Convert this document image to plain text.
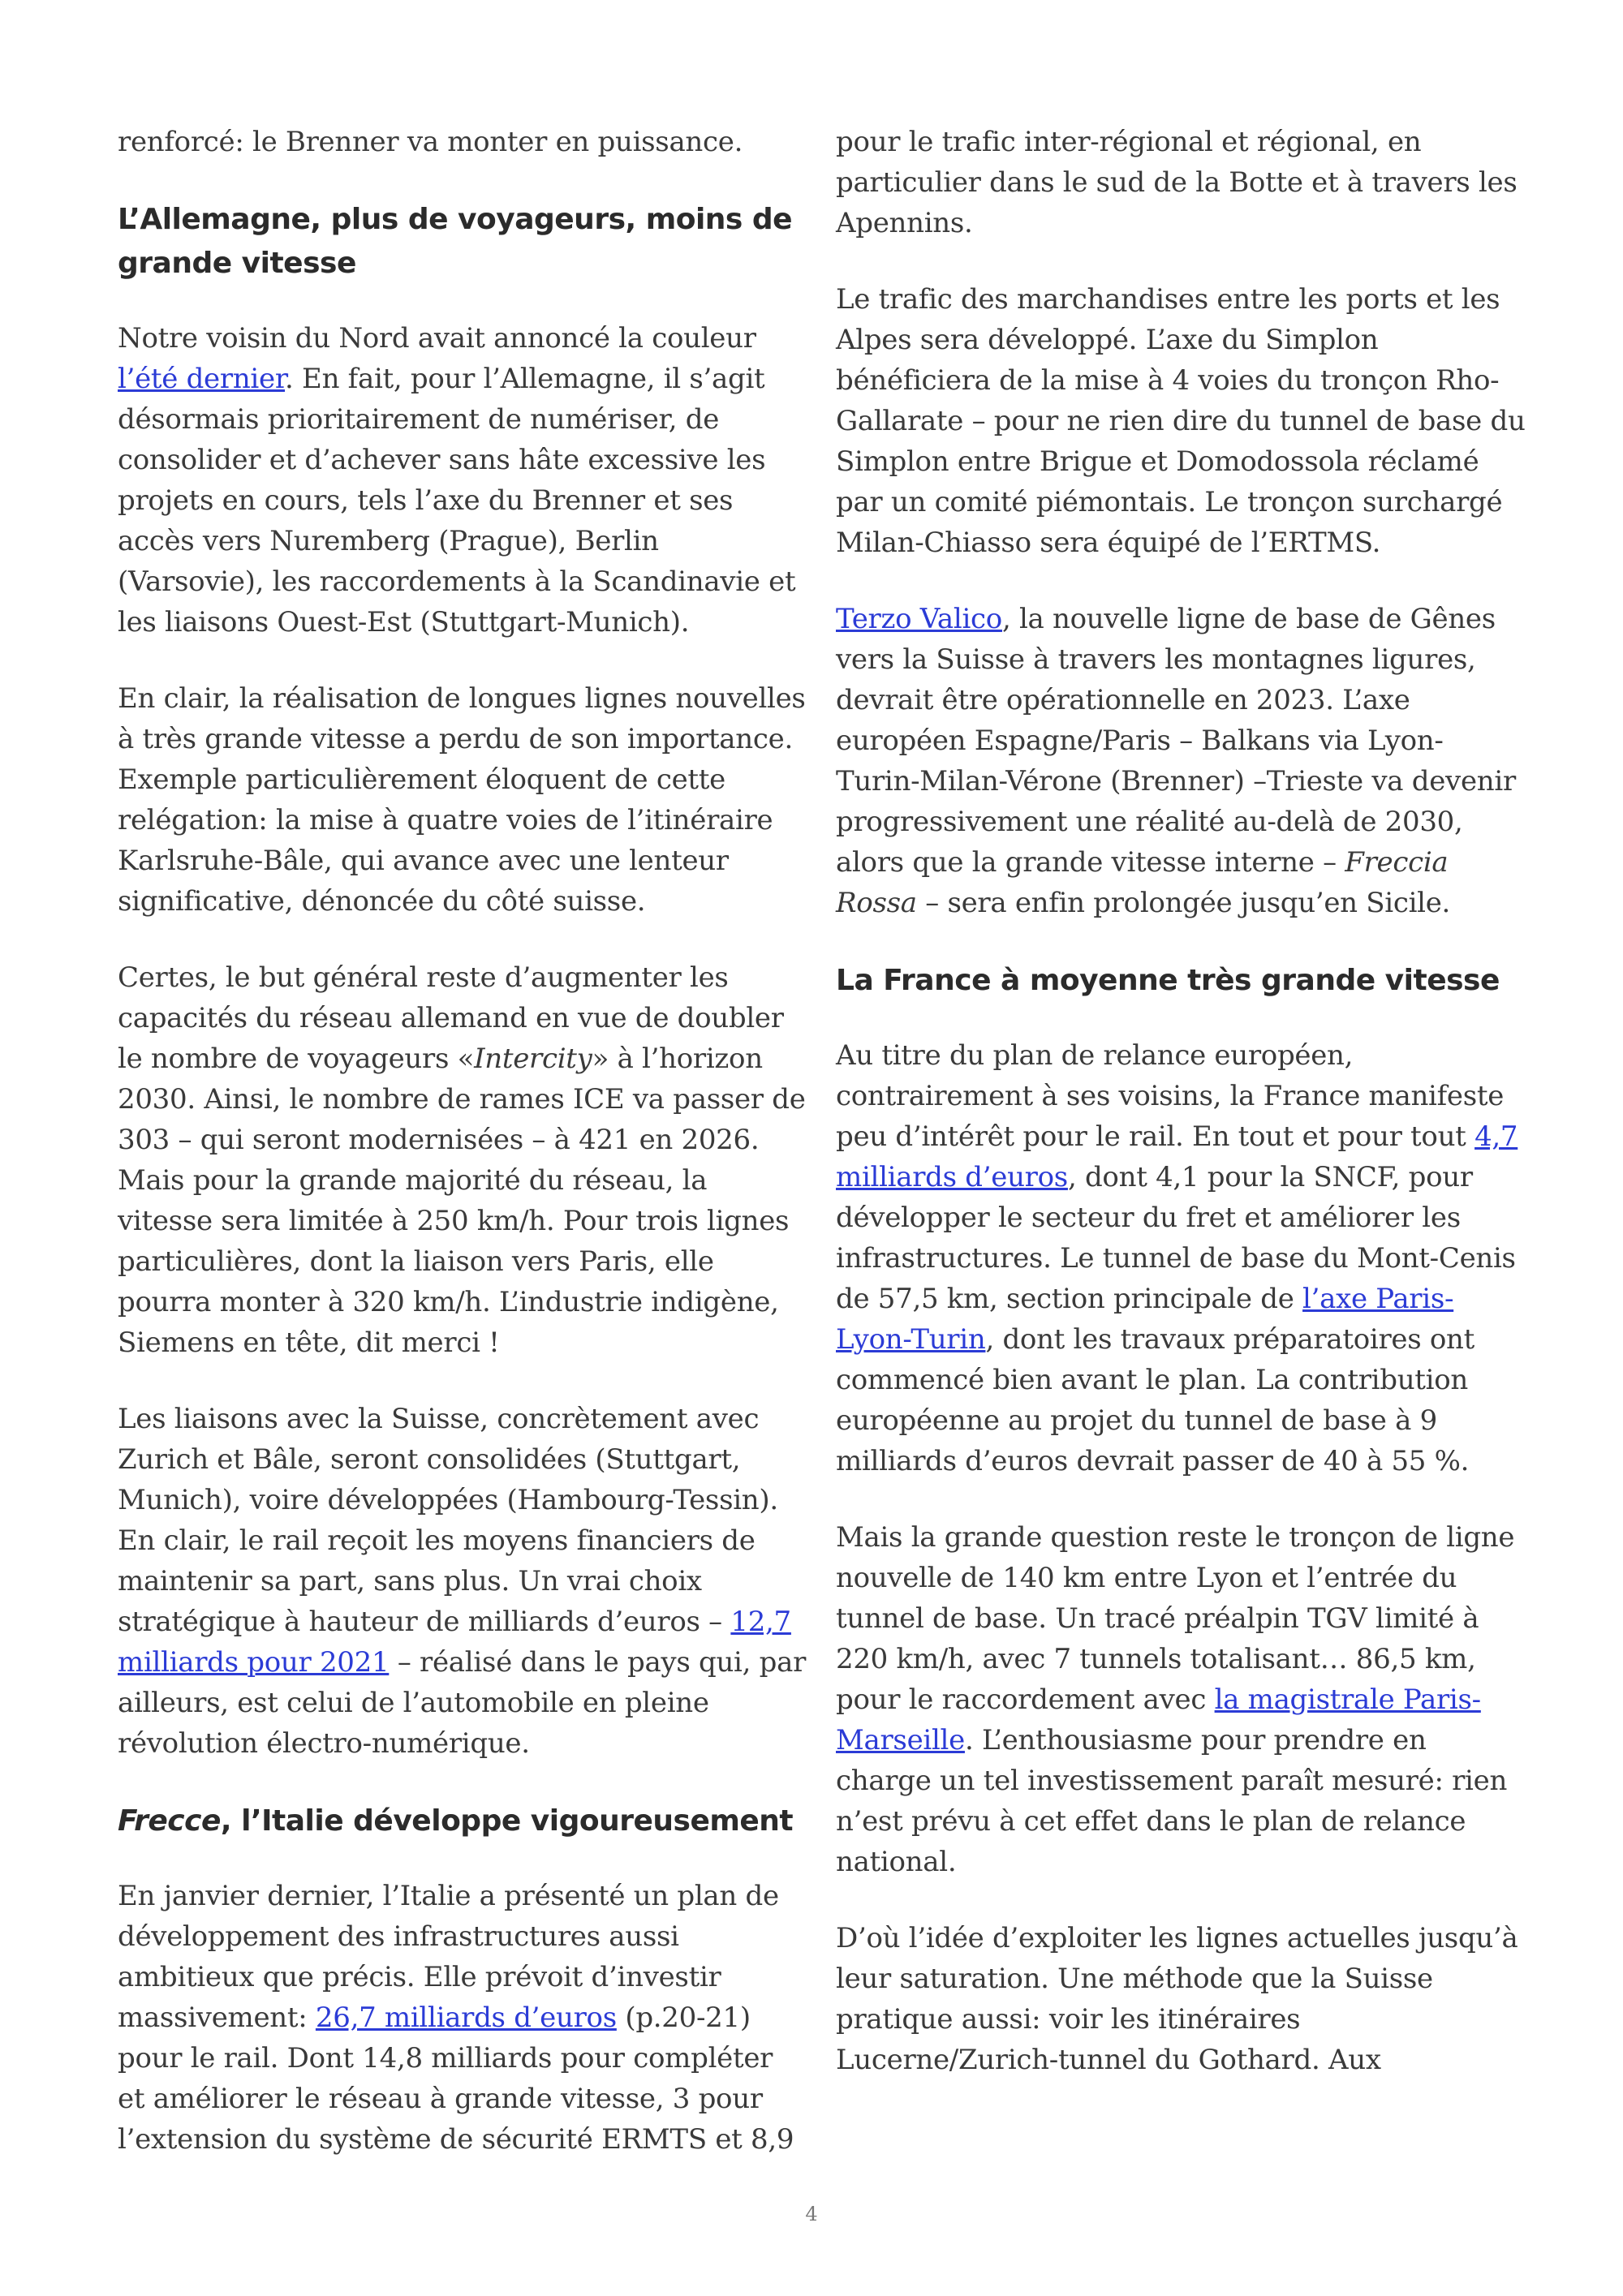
renforcé: le Brenner va monter en puissance.

L’Allemagne, plus de voyageurs, moins de grande vitesse

Notre voisin du Nord avait annoncé la couleur l’été dernier. En fait, pour l’Allemagne, il s’agit désormais prioritairement de numériser, de consolider et d’achever sans hâte excessive les projets en cours, tels l’axe du Brenner et ses accès vers Nuremberg (Prague), Berlin (Varsovie), les raccordements à la Scandinavie et les liaisons Ouest-Est (Stuttgart-Munich).

En clair, la réalisation de longues lignes nouvelles à très grande vitesse a perdu de son importance. Exemple particulièrement éloquent de cette relégation: la mise à quatre voies de l’itinéraire Karlsruhe-Bâle, qui avance avec une lenteur significative, dénoncée du côté suisse.

Certes, le but général reste d’augmenter les capacités du réseau allemand en vue de doubler le nombre de voyageurs «Intercity» à l’horizon 2030. Ainsi, le nombre de rames ICE va passer de 303 – qui seront modernisées – à 421 en 2026. Mais pour la grande majorité du réseau, la vitesse sera limitée à 250 km/h. Pour trois lignes particulières, dont la liaison vers Paris, elle pourra monter à 320 km/h. L’industrie indigène, Siemens en tête, dit merci !

Les liaisons avec la Suisse, concrètement avec Zurich et Bâle, seront consolidées (Stuttgart, Munich), voire développées (Hambourg-Tessin). En clair, le rail reçoit les moyens financiers de maintenir sa part, sans plus. Un vrai choix stratégique à hauteur de milliards d’euros – 12,7 milliards pour 2021 – réalisé dans le pays qui, par ailleurs, est celui de l’automobile en pleine révolution électro-numérique.

Frecce, l’Italie développe vigoureusement

En janvier dernier, l’Italie a présenté un plan de développement des infrastructures aussi ambitieux que précis. Elle prévoit d’investir massivement: 26,7 milliards d’euros (p.20-21) pour le rail. Dont 14,8 milliards pour compléter et améliorer le réseau à grande vitesse, 3 pour l’extension du système de sécurité ERMTS et 8,9

pour le trafic inter-régional et régional, en particulier dans le sud de la Botte et à travers les Apennins.

Le trafic des marchandises entre les ports et les Alpes sera développé. L’axe du Simplon bénéficiera de la mise à 4 voies du tronçon Rho-Gallarate – pour ne rien dire du tunnel de base du Simplon entre Brigue et Domodossola réclamé par un comité piémontais. Le tronçon surchargé Milan-Chiasso sera équipé de l’ERTMS.

Terzo Valico, la nouvelle ligne de base de Gênes vers la Suisse à travers les montagnes ligures, devrait être opérationnelle en 2023. L’axe européen Espagne/Paris – Balkans via Lyon-Turin-Milan-Vérone (Brenner) –Trieste va devenir progressivement une réalité au-delà de 2030, alors que la grande vitesse interne – Freccia Rossa – sera enfin prolongée jusqu’en Sicile.

La France à moyenne très grande vitesse

Au titre du plan de relance européen, contrairement à ses voisins, la France manifeste peu d’intérêt pour le rail. En tout et pour tout 4,7 milliards d’euros, dont 4,1 pour la SNCF, pour développer le secteur du fret et améliorer les infrastructures. Le tunnel de base du Mont-Cenis de 57,5 km, section principale de l’axe Paris-Lyon-Turin, dont les travaux préparatoires ont commencé bien avant le plan. La contribution européenne au projet du tunnel de base à 9 milliards d’euros devrait passer de 40 à 55 %.

Mais la grande question reste le tronçon de ligne nouvelle de 140 km entre Lyon et l’entrée du tunnel de base. Un tracé préalpin TGV limité à 220 km/h, avec 7 tunnels totalisant… 86,5 km, pour le raccordement avec la magistrale Paris-Marseille. L’enthousiasme pour prendre en charge un tel investissement paraît mesuré: rien n’est prévu à cet effet dans le plan de relance national.

D’où l’idée d’exploiter les lignes actuelles jusqu’à leur saturation. Une méthode que la Suisse pratique aussi: voir les itinéraires Lucerne/Zurich-tunnel du Gothard. Aux

4
